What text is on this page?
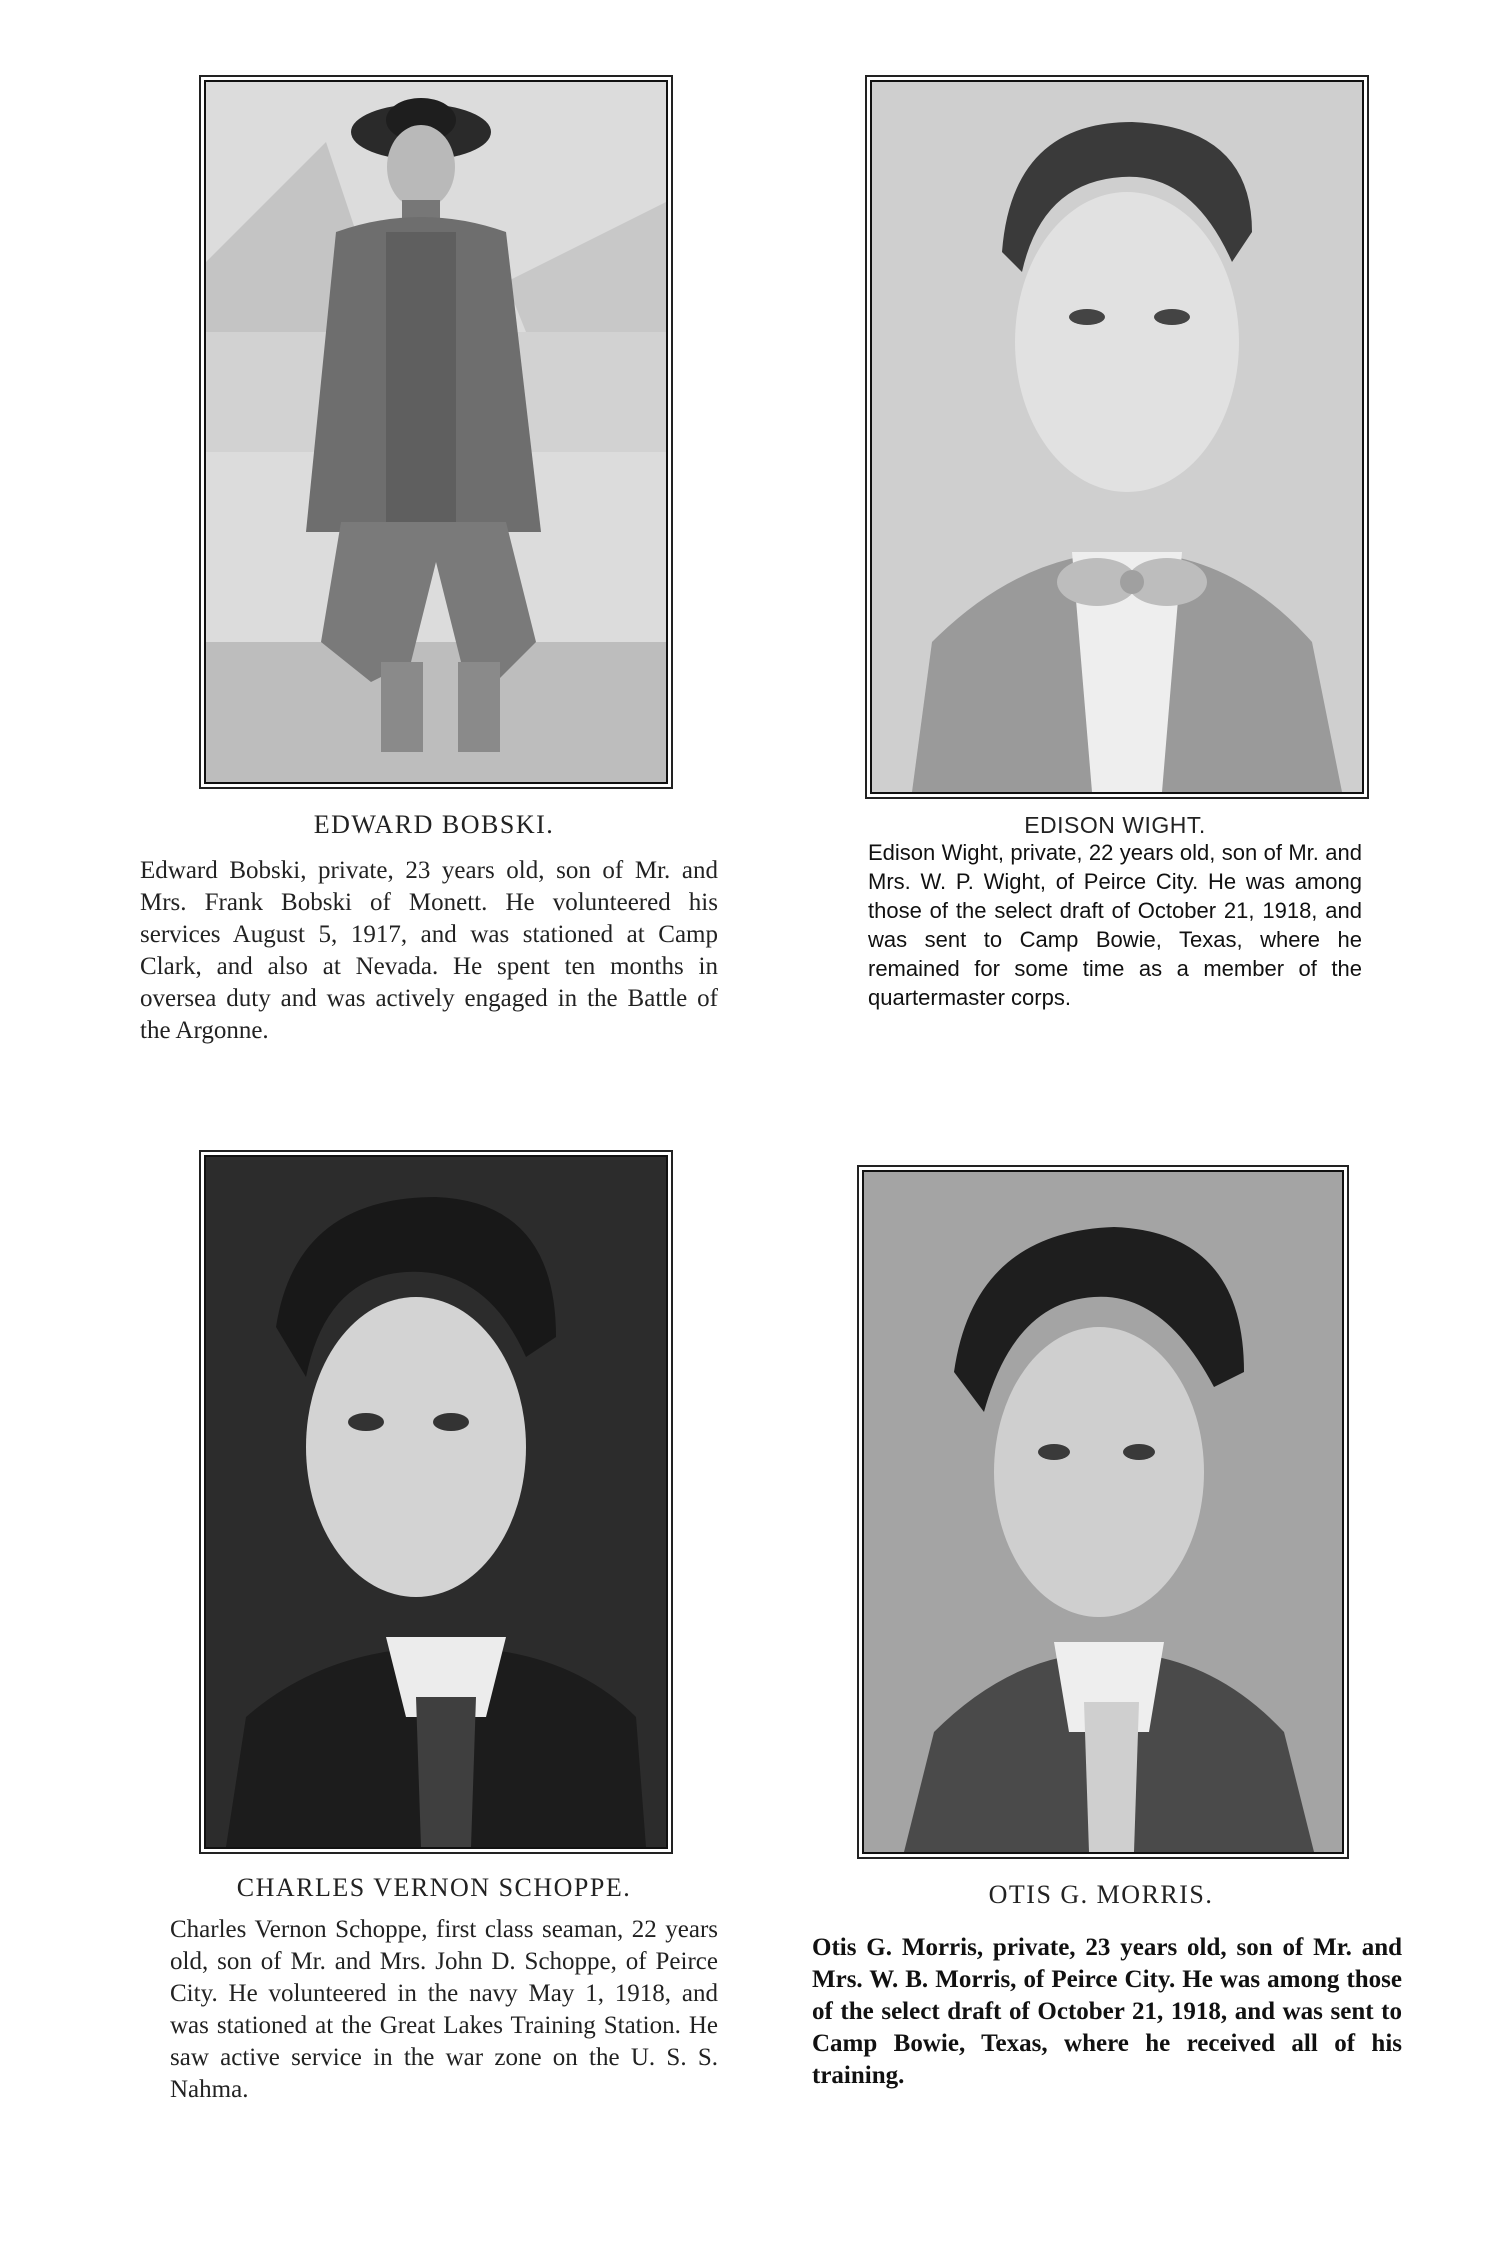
EDWARD BOBSKI.
Edward Bobski, private, 23 years old, son of Mr. and Mrs. Frank Bobski of Monett. He volunteered his services August 5, 1917, and was stationed at Camp Clark, and also at Nevada. He spent ten months in oversea duty and was actively engaged in the Battle of the Argonne.
EDISON WIGHT.
Edison Wight, private, 22 years old, son of Mr. and Mrs. W. P. Wight, of Peirce City. He was among those of the select draft of October 21, 1918, and was sent to Camp Bowie, Texas, where he remained for some time as a member of the quartermaster corps.
CHARLES VERNON SCHOPPE.
Charles Vernon Schoppe, first class seaman, 22 years old, son of Mr. and Mrs. John D. Schoppe, of Peirce City. He volunteered in the navy May 1, 1918, and was stationed at the Great Lakes Training Station. He saw active service in the war zone on the U. S. S. Nahma.
OTIS G. MORRIS.
Otis G. Morris, private, 23 years old, son of Mr. and Mrs. W. B. Morris, of Peirce City. He was among those of the select draft of October 21, 1918, and was sent to Camp Bowie, Texas, where he received all of his training.
